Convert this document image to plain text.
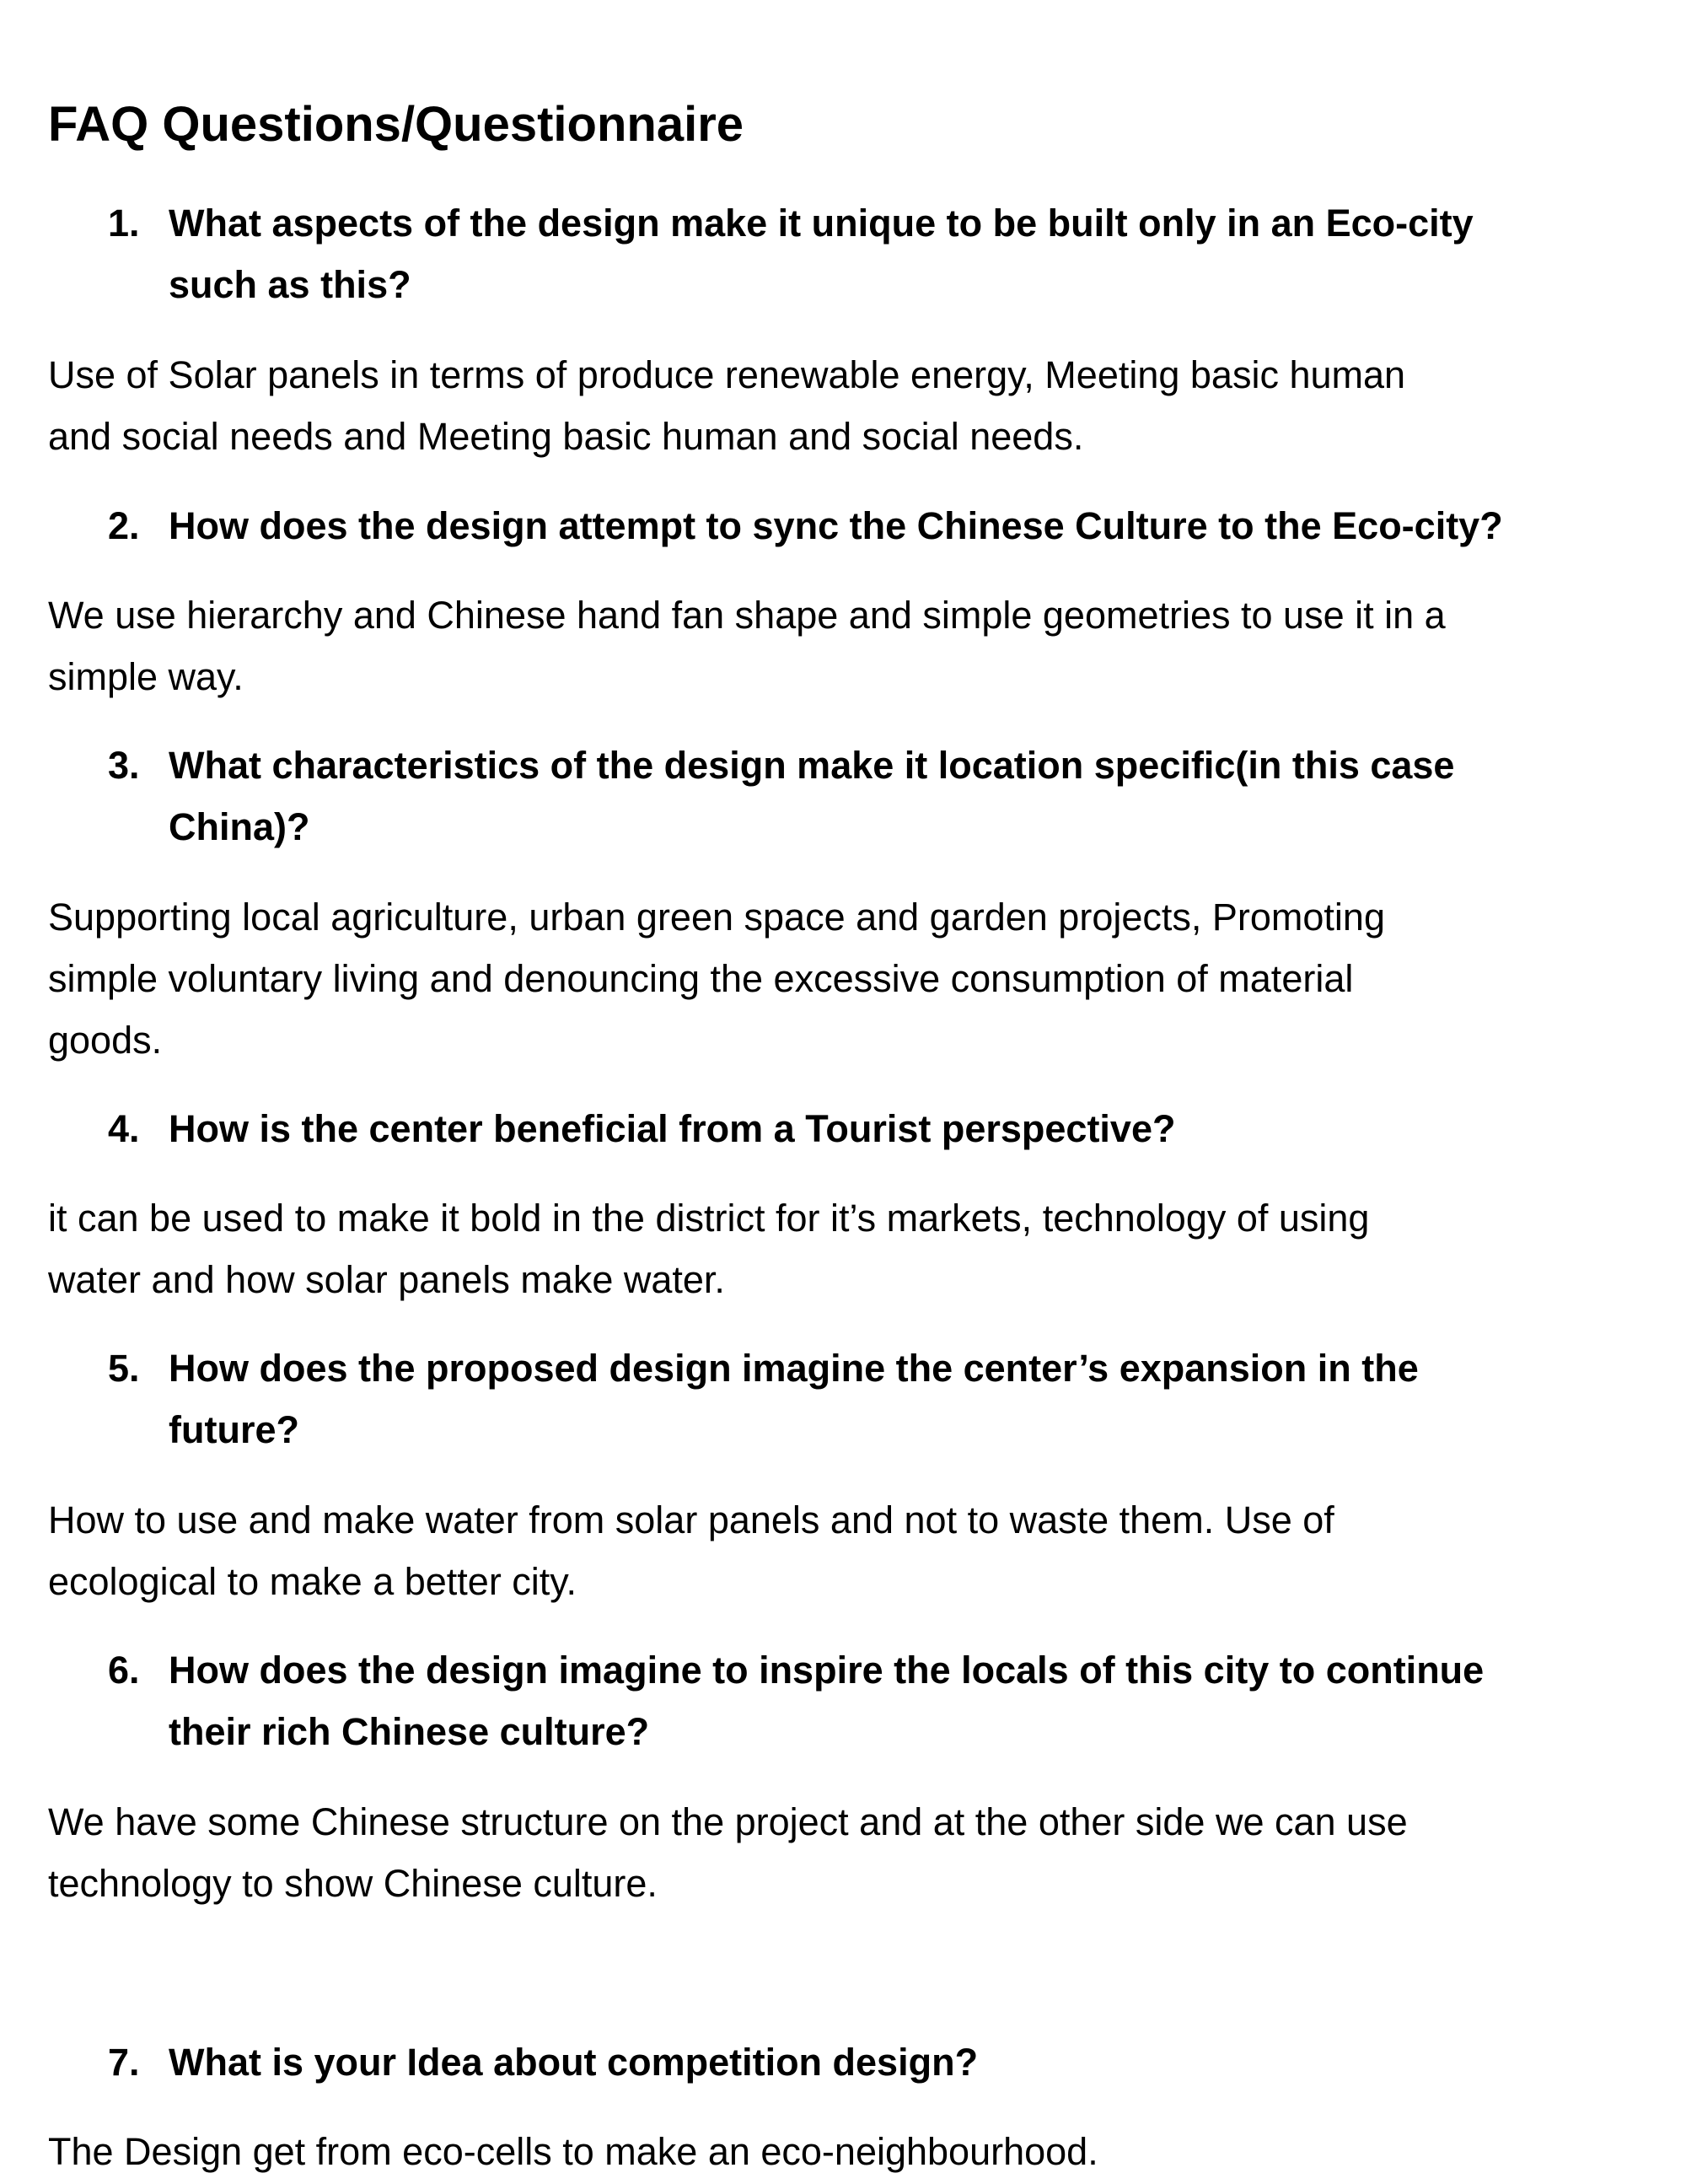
FAQ Questions/Questionnaire
1. What aspects of the design make it unique to be built only in an Eco-city
such as this?
Use of Solar panels in terms of produce renewable energy, Meeting basic human
and social needs and Meeting basic human and social needs.
2. How does the design attempt to sync the Chinese Culture to the Eco-city?
We use hierarchy and Chinese hand fan shape and simple geometries to use it in a
simple way.
3. What characteristics of the design make it location specific(in this case
China)?
Supporting local agriculture, urban green space and garden projects, Promoting
simple voluntary living and denouncing the excessive consumption of material
goods.
4. How is the center beneficial from a Tourist perspective?
it can be used to make it bold in the district for it’s markets, technology of using
water and how solar panels make water.
5. How does the proposed design imagine the center’s expansion in the
future?
How to use and make water from solar panels and not to waste them. Use of
ecological to make a better city.
6. How does the design imagine to inspire the locals of this city to continue
their rich Chinese culture?
We have some Chinese structure on the project and at the other side we can use
technology to show Chinese culture.
7. What is your Idea about competition design?
The Design get from eco-cells to make an eco-neighbourhood.
